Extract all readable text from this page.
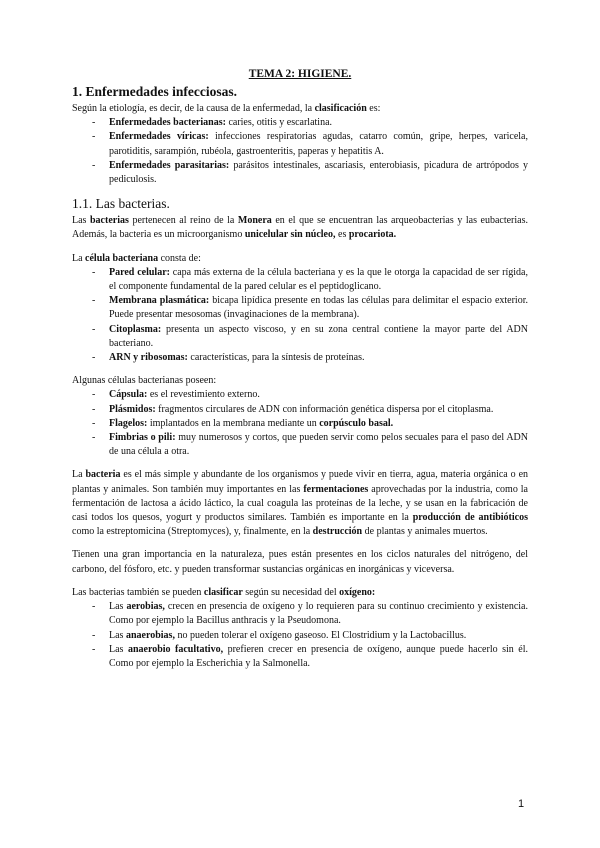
TEMA 2: HIGIENE.
1. Enfermedades infecciosas.

Según la etiología, es decir, de la causa de la enfermedad, la clasificación es:

- Enfermedades bacterianas: caries, otitis y escarlatina.
- Enfermedades víricas: infecciones respiratorias agudas, catarro común, gripe, herpes, varicela, parotiditis, sarampión, rubéola, gastroenteritis, paperas y hepatitis A.
- Enfermedades parasitarias: parásitos intestinales, ascariasis, enterobiasis, picadura de artrópodos y pediculosis.
1.1. Las bacterias.

Las bacterias pertenecen al reino de la Monera en el que se encuentran las arqueobacterias y las eubacterias. Además, la bacteria es un microorganismo unicelular sin núcleo, es procariota.

La célula bacteriana consta de:

- Pared celular: capa más externa de la célula bacteriana y es la que le otorga la capacidad de ser rígida, el componente fundamental de la pared celular es el peptidoglicano.
- Membrana plasmática: bicapa lipídica presente en todas las células para delimitar el espacio exterior. Puede presentar mesosomas (invaginaciones de la membrana).
- Citoplasma: presenta un aspecto viscoso, y en su zona central contiene la mayor parte del ADN bacteriano.
- ARN y ribosomas: características, para la síntesis de proteínas.

Algunas células bacterianas poseen:

- Cápsula: es el revestimiento externo.
- Plásmidos: fragmentos circulares de ADN con información genética dispersa por el citoplasma.
- Flagelos: implantados en la membrana mediante un corpúsculo basal.
- Fimbrias o pili: muy numerosos y cortos, que pueden servir como pelos secuales para el paso del ADN de una célula a otra.

La bacteria es el más simple y abundante de los organismos y puede vivir en tierra, agua, materia orgánica o en plantas y animales. Son también muy importantes en las fermentaciones aprovechadas por la industria, como la fermentación de lactosa a ácido láctico, la cual coagula las proteínas de la leche, y se usan en la fabricación de casi todos los quesos, yogurt y productos similares. También es importante en la producción de antibióticos como la estreptomicina (Streptomyces), y, finalmente, en la destrucción de plantas y animales muertos.

Tienen una gran importancia en la naturaleza, pues están presentes en los ciclos naturales del nitrógeno, del carbono, del fósforo, etc. y pueden transformar sustancias orgánicas en inorgánicas y viceversa.

Las bacterias también se pueden clasificar según su necesidad del oxígeno:

- Las aerobias, crecen en presencia de oxígeno y lo requieren para su continuo crecimiento y existencia. Como por ejemplo la Bacillus anthracis y la Pseudomona.
- Las anaerobias, no pueden tolerar el oxígeno gaseoso. El Clostridium y la Lactobacillus.
- Las anaerobio facultativo, prefieren crecer en presencia de oxígeno, aunque puede hacerlo sin él. Como por ejemplo la Escherichia y la Salmonella.
1
